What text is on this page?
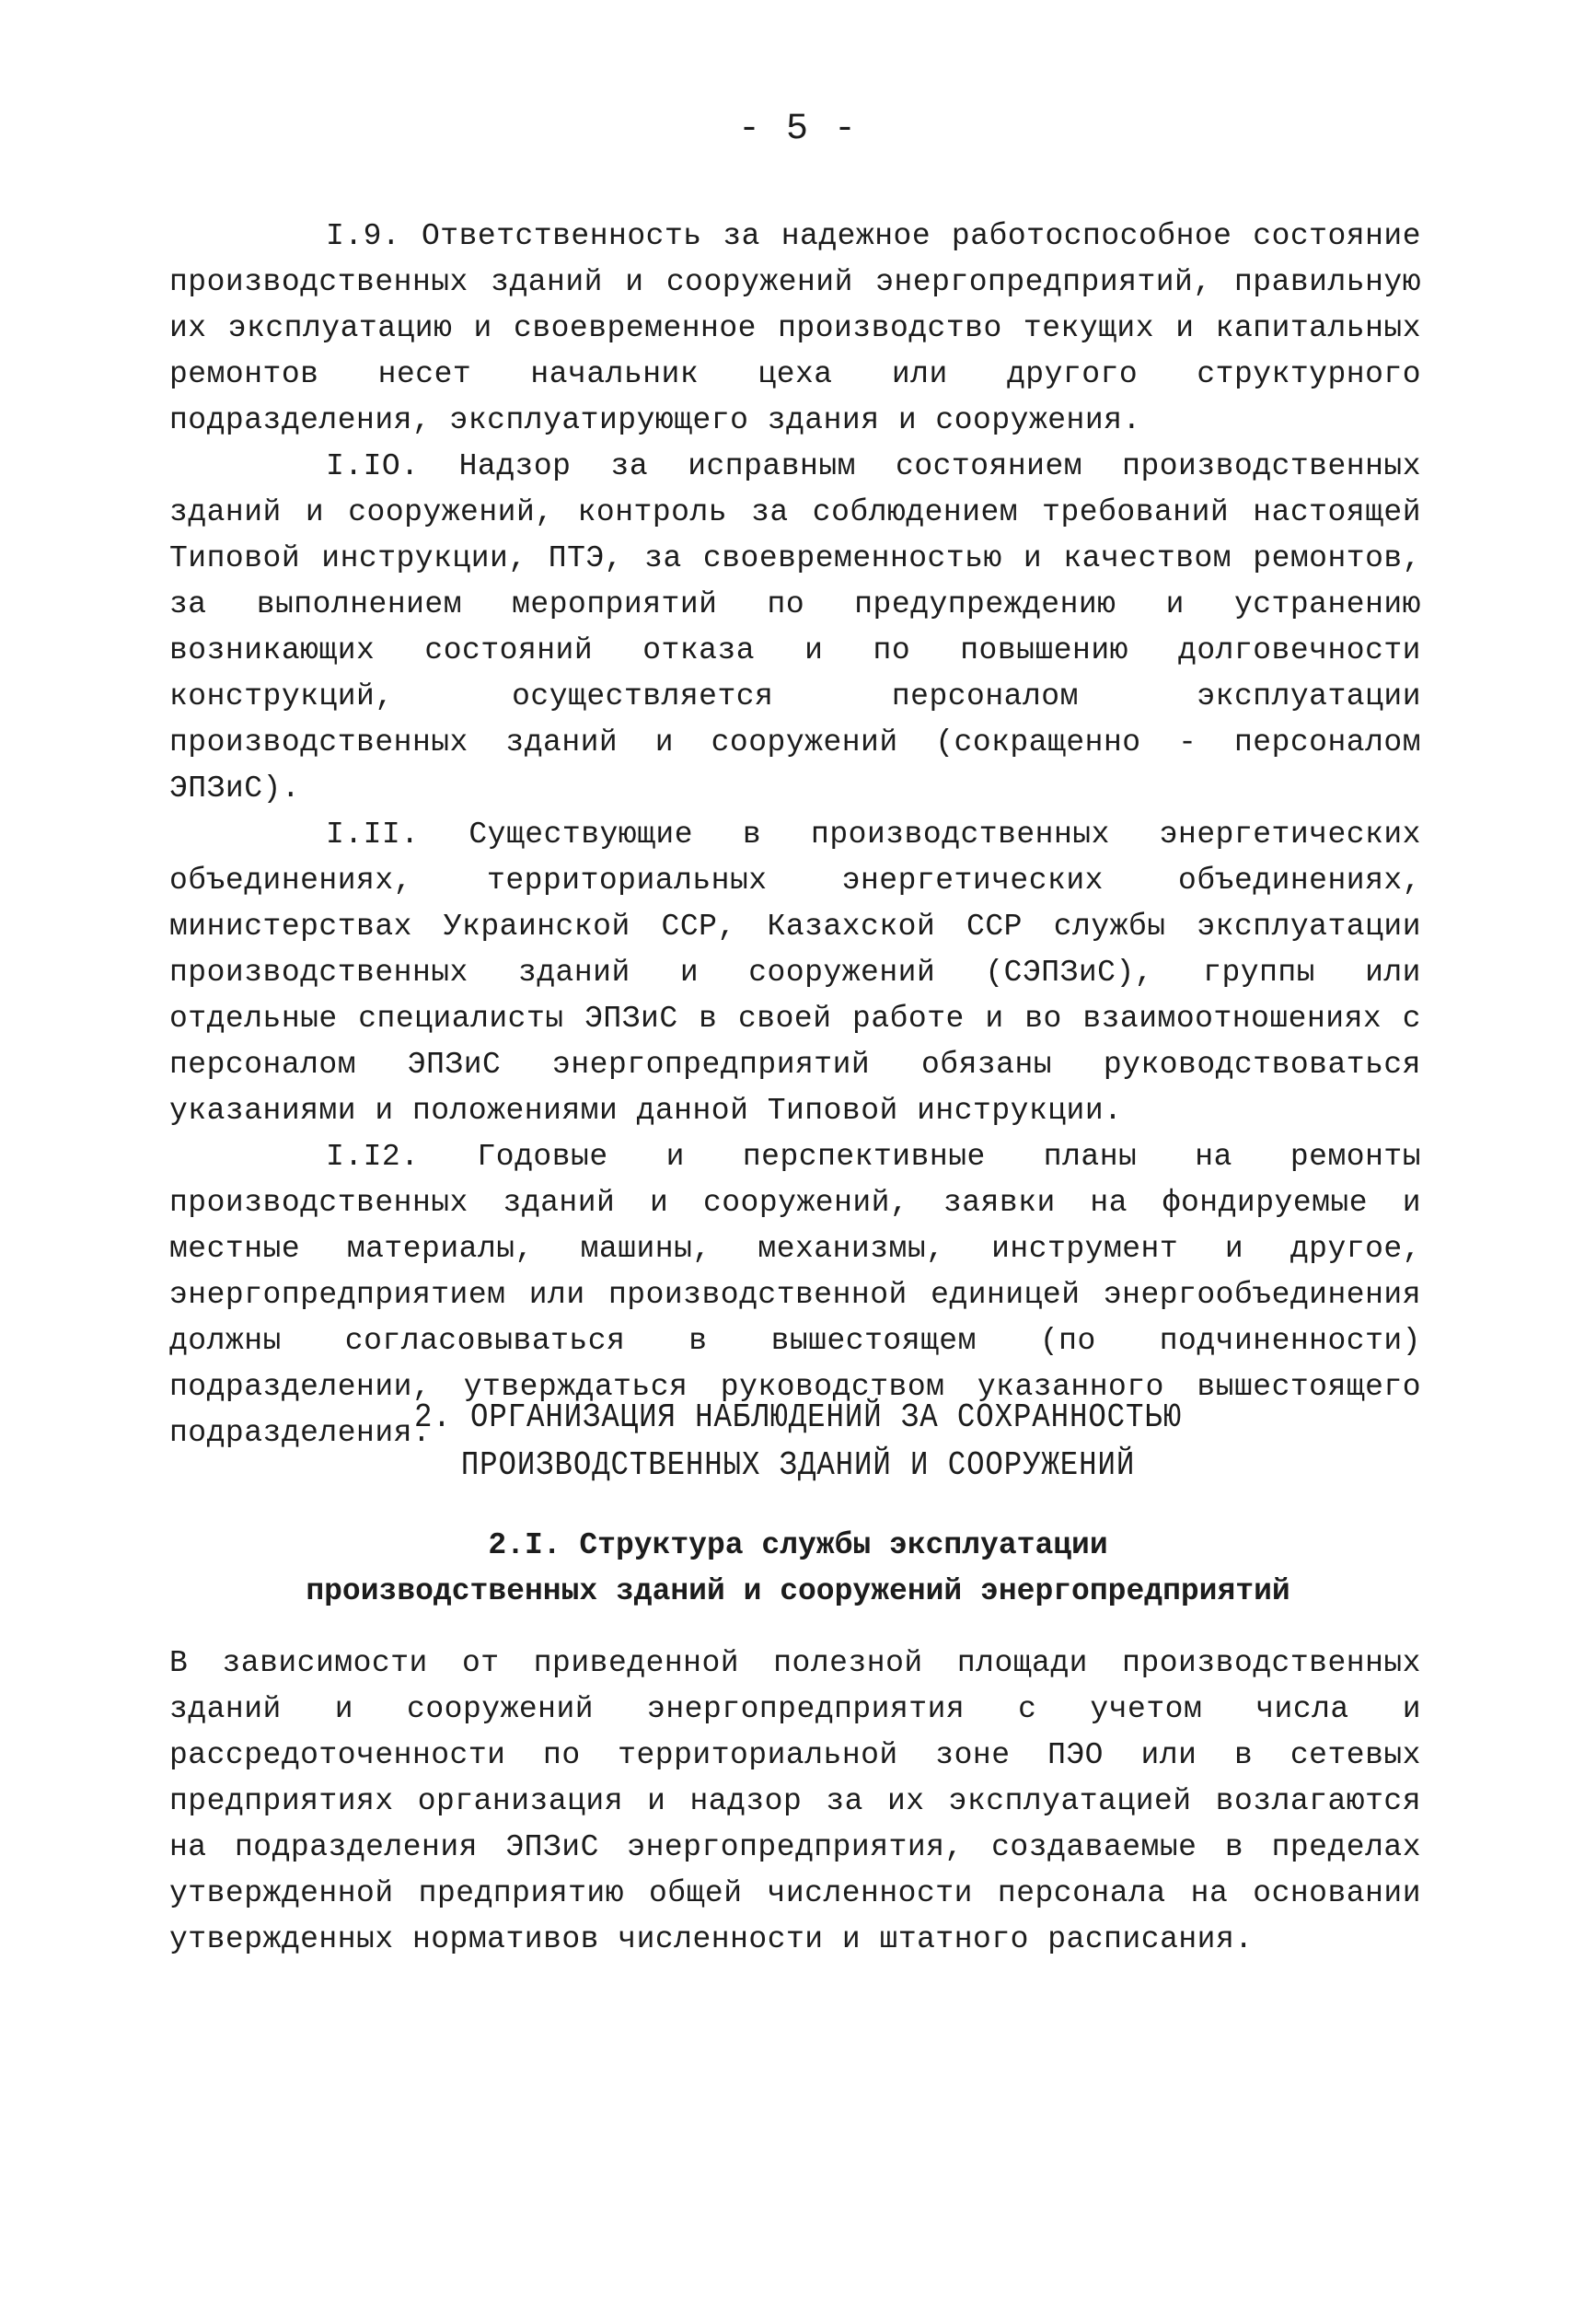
- 5 -

I.9. Ответственность за надежное работоспособное состояние производственных зданий и сооружений энергопредприятий, правильную их эксплуатацию и своевременное производство текущих и капитальных ремонтов несет начальник цеха или другого структурного подразделения, эксплуатирующего здания и сооружения.

I.IО. Надзор за исправным состоянием производственных зданий и сооружений, контроль за соблюдением требований настоящей Типовой инструкции, ПТЭ, за своевременностью и качеством ремонтов, за выполнением мероприятий по предупреждению и устранению возникающих состояний отказа и по повышению долговечности конструкций, осуществляется персоналом эксплуатации производственных зданий и сооружений (сокращенно - персоналом ЭПЗиС).

I.II. Существующие в производственных энергетических объединениях, территориальных энергетических объединениях, министерствах Украинской ССР, Казахской ССР службы эксплуатации производственных зданий и сооружений (СЭПЗиС), группы или отдельные специалисты ЭПЗиС в своей работе и во взаимоотношениях с персоналом ЭПЗиС энергопредприятий обязаны руководствоваться указаниями и положениями данной Типовой инструкции.

I.I2. Годовые и перспективные планы на ремонты производственных зданий и сооружений, заявки на фондируемые и местные материалы, машины, механизмы, инструмент и другое, энергопредприятием или производственной единицей энергообъединения должны согласовываться в вышестоящем (по подчиненности) подразделении, утверждаться руководством указанного вышестоящего подразделения.

2. ОРГАНИЗАЦИЯ НАБЛЮДЕНИЙ ЗА СОХРАННОСТЬЮ
ПРОИЗВОДСТВЕННЫХ ЗДАНИЙ И СООРУЖЕНИЙ
2.I. Структура службы эксплуатации
производственных зданий и сооружений энергопредприятий

В зависимости от приведенной полезной площади производственных зданий и сооружений энергопредприятия с учетом числа и рассредоточенности по территориальной зоне ПЭО или в сетевых предприятиях организация и надзор за их эксплуатацией возлагаются на подразделения ЭПЗиС энергопредприятия, создаваемые в пределах утвержденной предприятию общей численности персонала на основании утвержденных нормативов численности и штатного расписания.
